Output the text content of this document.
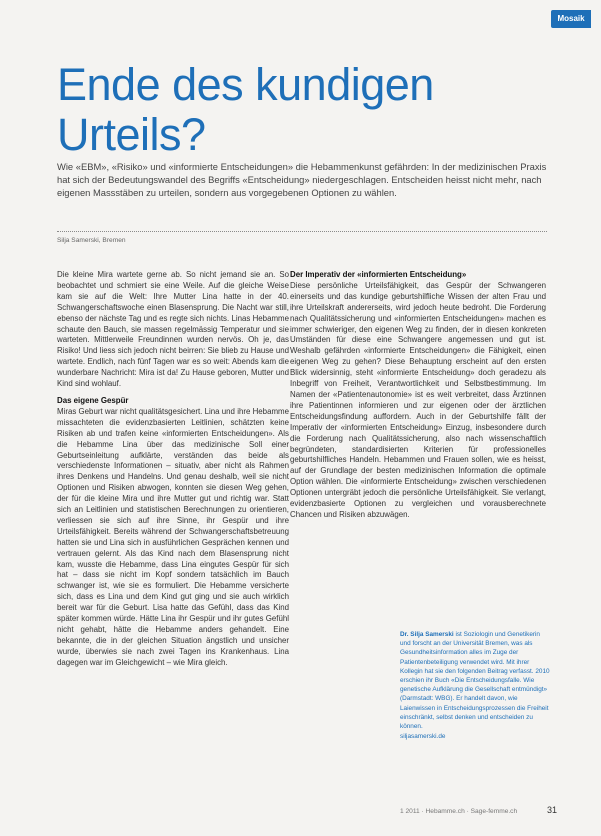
Mosaik
Ende des kundigen Urteils?

Wie «EBM», «Risiko» und «informierte Entscheidungen» die Hebammenkunst gefährden: In der medizinischen Praxis hat sich der Bedeutungswandel des Begriffs «Entscheidung» niedergeschlagen. Entscheiden heisst nicht mehr, nach eigenen Massstäben zu urteilen, sondern aus vorgegebenen Optionen zu wählen.

Silja Samerski, Bremen

Die kleine Mira wartete gerne ab. So nicht jemand sie an. So beobachtet und schmiert sie eine Weile. Auf die gleiche Weise kam sie auf die Welt: Ihre Mutter Lina hatte in der 40. Schwangerschaftswoche einen Blasensprung. Die Nacht war still, ebenso der nächste Tag und es regte sich nichts. Linas Hebamme schaute den Bauch, sie massen regelmässig Temperatur und sie warteten. Mittlerweile Freundinnen wurden nervös. Oh je, das Risiko! Und liess sich jedoch nicht beirren: Sie blieb zu Hause und wartete. Endlich, nach fünf Tagen war es so weit: Abends kam die wunderbare Nachricht: Mira ist da! Zu Hause geboren, Mutter und Kind sind wohlauf.

Das eigene Gespür

Miras Geburt war nicht qualitätsgesichert. Lina und ihre Hebamme missachteten die evidenzbasierten Leitlinien, schätzten keine Risiken ab und trafen keine «informierten Entscheidungen». Als die Hebamme Lina über das medizinische Soll einer Geburtseinleitung aufklärte, verständen das beide als verschiedenste Informationen – situativ, aber nicht als Rahmen ihres Denkens und Handelns. Und genau deshalb, weil sie nicht Optionen und Risiken abwogen, konnten sie diesen Weg gehen, der für die kleine Mira und ihre Mutter gut und richtig war. Statt sich an Leitlinien und statistischen Berechnungen zu orientieren, verliessen sie sich auf ihre Sinne, ihr Gespür und ihre Urteilsfähigkeit. Bereits während der Schwangerschaftsbetreuung hatten sie und Lina sich in ausführlichen Gesprächen kennen und vertrauen gelernt. Als das Kind nach dem Blasensprung nicht kam, wusste die Hebamme, dass Lina eingutes Gespür für sich hat – dass sie nicht im Kopf sondern tatsächlich im Bauch schwanger ist, wie sie es formuliert. Die Hebamme versicherte sich, dass es Lina und dem Kind gut ging und sie auch wirklich bereit war für die Geburt. Lisa hatte das Gefühl, dass das Kind später kommen würde. Hätte Lina ihr Gespür und ihr gutes Gefühl nicht gehabt, hätte die Hebamme anders gehandelt. Eine bekannte, die in der gleichen Situation ängstlich und unsicher wurde, überwies sie nach zwei Tagen ins Krankenhaus. Lina dagegen war im Gleichgewicht – wie Mira gleich.

Der Imperativ der «informierten Entscheidung»

Diese persönliche Urteilsfähigkeit, das Gespür der Schwangeren einerseits und das kundige geburtshilfliche Wissen der alten Frau und ihre Urteilskraft andererseits, wird jedoch heute bedroht. Die Forderung nach Qualitätssicherung und «informierten Entscheidungen» machen es immer schwieriger, den eigenen Weg zu finden, der in diesen konkreten Umständen für diese eine Schwangere angemessen und gut ist. Weshalb gefährden «informierte Entscheidungen» die Fähigkeit, einen eigenen Weg zu gehen? Diese Behauptung erscheint auf den ersten Blick widersinnig, steht «informierte Entscheidung» doch geradezu als Inbegriff von Freiheit, Verantwortlichkeit und Selbstbestimmung. Im Namen der «Patientenautonomie» ist es weit verbreitet, dass Ärztinnen ihre Patientinnen informieren und zur eigenen oder der ärztlichen Entscheidungsfindung auffordern. Auch in der Geburtshilfe fällt der Imperativ der «informierten Entscheidung» Einzug, insbesondere durch die Forderung nach Qualitätssicherung, also nach wissenschaftlich begründeten, standardisierten Kriterien für professionelles geburtshilfliches Handeln. Hebammen und Frauen sollen, wie es heisst, auf der Grundlage der besten medizinischen Information die optimale Option wählen. Die «informierte Entscheidung» zwischen verschiedenen Optionen untergräbt jedoch die persönliche Urteilsfähigkeit. Sie verlangt, evidenzbasierte Optionen zu vergleichen und vorausberechnete Chancen und Risiken abzuwägen.

Dr. Silja Samerski ist Soziologin und Genetikerin und forscht an der Universität Bremen, was als Gesundheitsinformation alles im Zuge der Patientenbeteiligung verwendet wird. Mit ihrer Kollegin hat sie den folgenden Beitrag verfasst. 2010 erschien ihr Buch «Die Entscheidungsfalle. Wie genetische Aufklärung die Gesellschaft entmündigt» (Darmstadt: WBG). Er handelt davon, wie Laienwissen in Entscheidungsprozessen die Freiheit einschränkt, selbst denken und entscheiden zu können.

siljasamerski.de

1 2011 · Hebamme.ch · Sage-femme.ch	31
